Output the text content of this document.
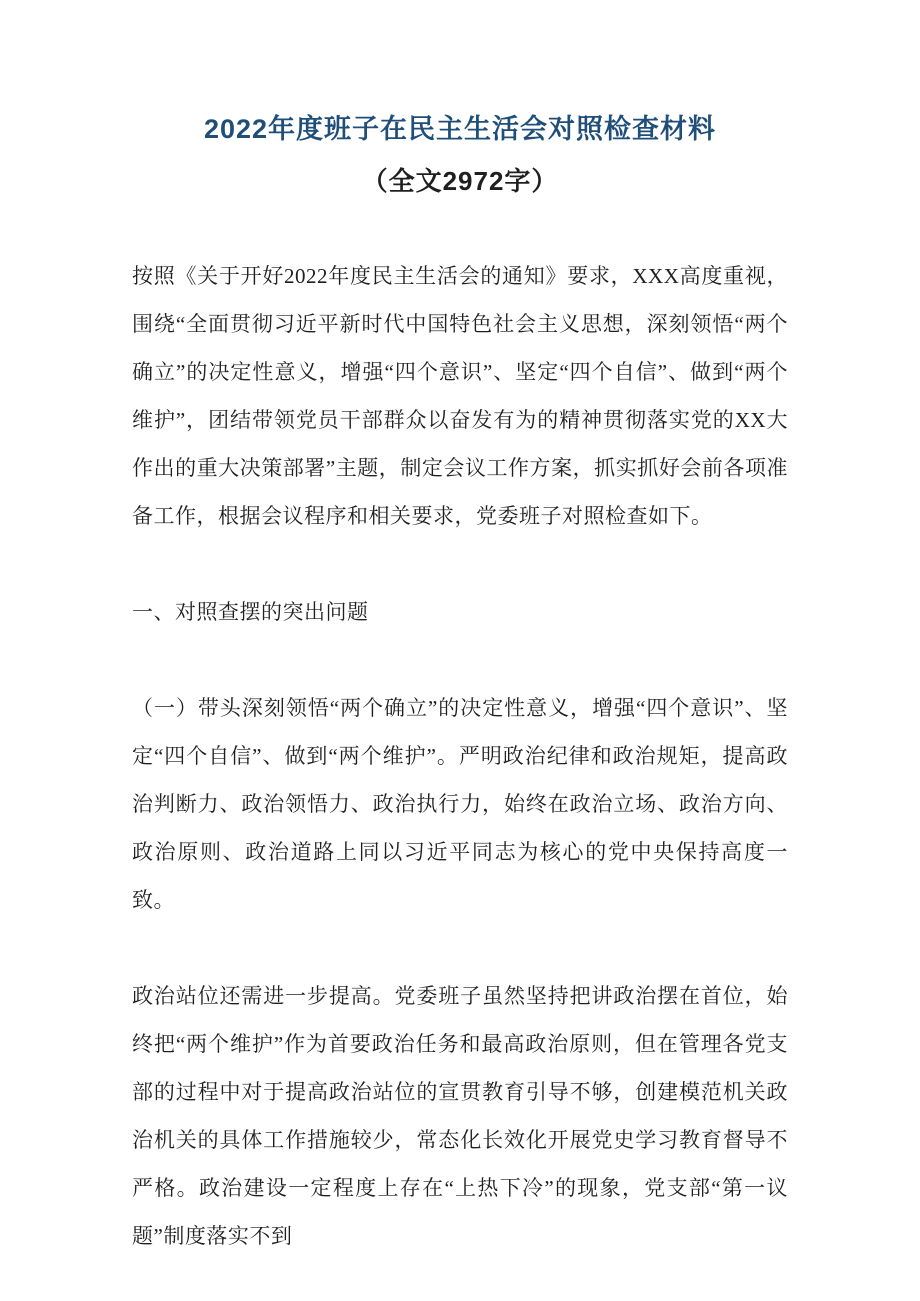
2022年度班子在民主生活会对照检查材料
（全文2972字）

按照《关于开好2022年度民主生活会的通知》要求，XXX高度重视，围绕“全面贯彻习近平新时代中国特色社会主义思想，深刻领悟“两个确立”的决定性意义，增强“四个意识”、坚定“四个自信”、做到“两个维护”，团结带领党员干部群众以奋发有为的精神贯彻落实党的XX大作出的重大决策部署”主题，制定会议工作方案，抓实抓好会前各项准备工作，根据会议程序和相关要求，党委班子对照检查如下。

一、对照查摆的突出问题

（一）带头深刻领悟“两个确立”的决定性意义，增强“四个意识”、坚定“四个自信”、做到“两个维护”。严明政治纪律和政治规矩，提高政治判断力、政治领悟力、政治执行力，始终在政治立场、政治方向、政治原则、政治道路上同以习近平同志为核心的党中央保持高度一致。

政治站位还需进一步提高。党委班子虽然坚持把讲政治摆在首位，始终把“两个维护”作为首要政治任务和最高政治原则，但在管理各党支部的过程中对于提高政治站位的宣贯教育引导不够，创建模范机关政治机关的具体工作措施较少，常态化长效化开展党史学习教育督导不严格。政治建设一定程度上存在“上热下冷”的现象，党支部“第一议题”制度落实不到
